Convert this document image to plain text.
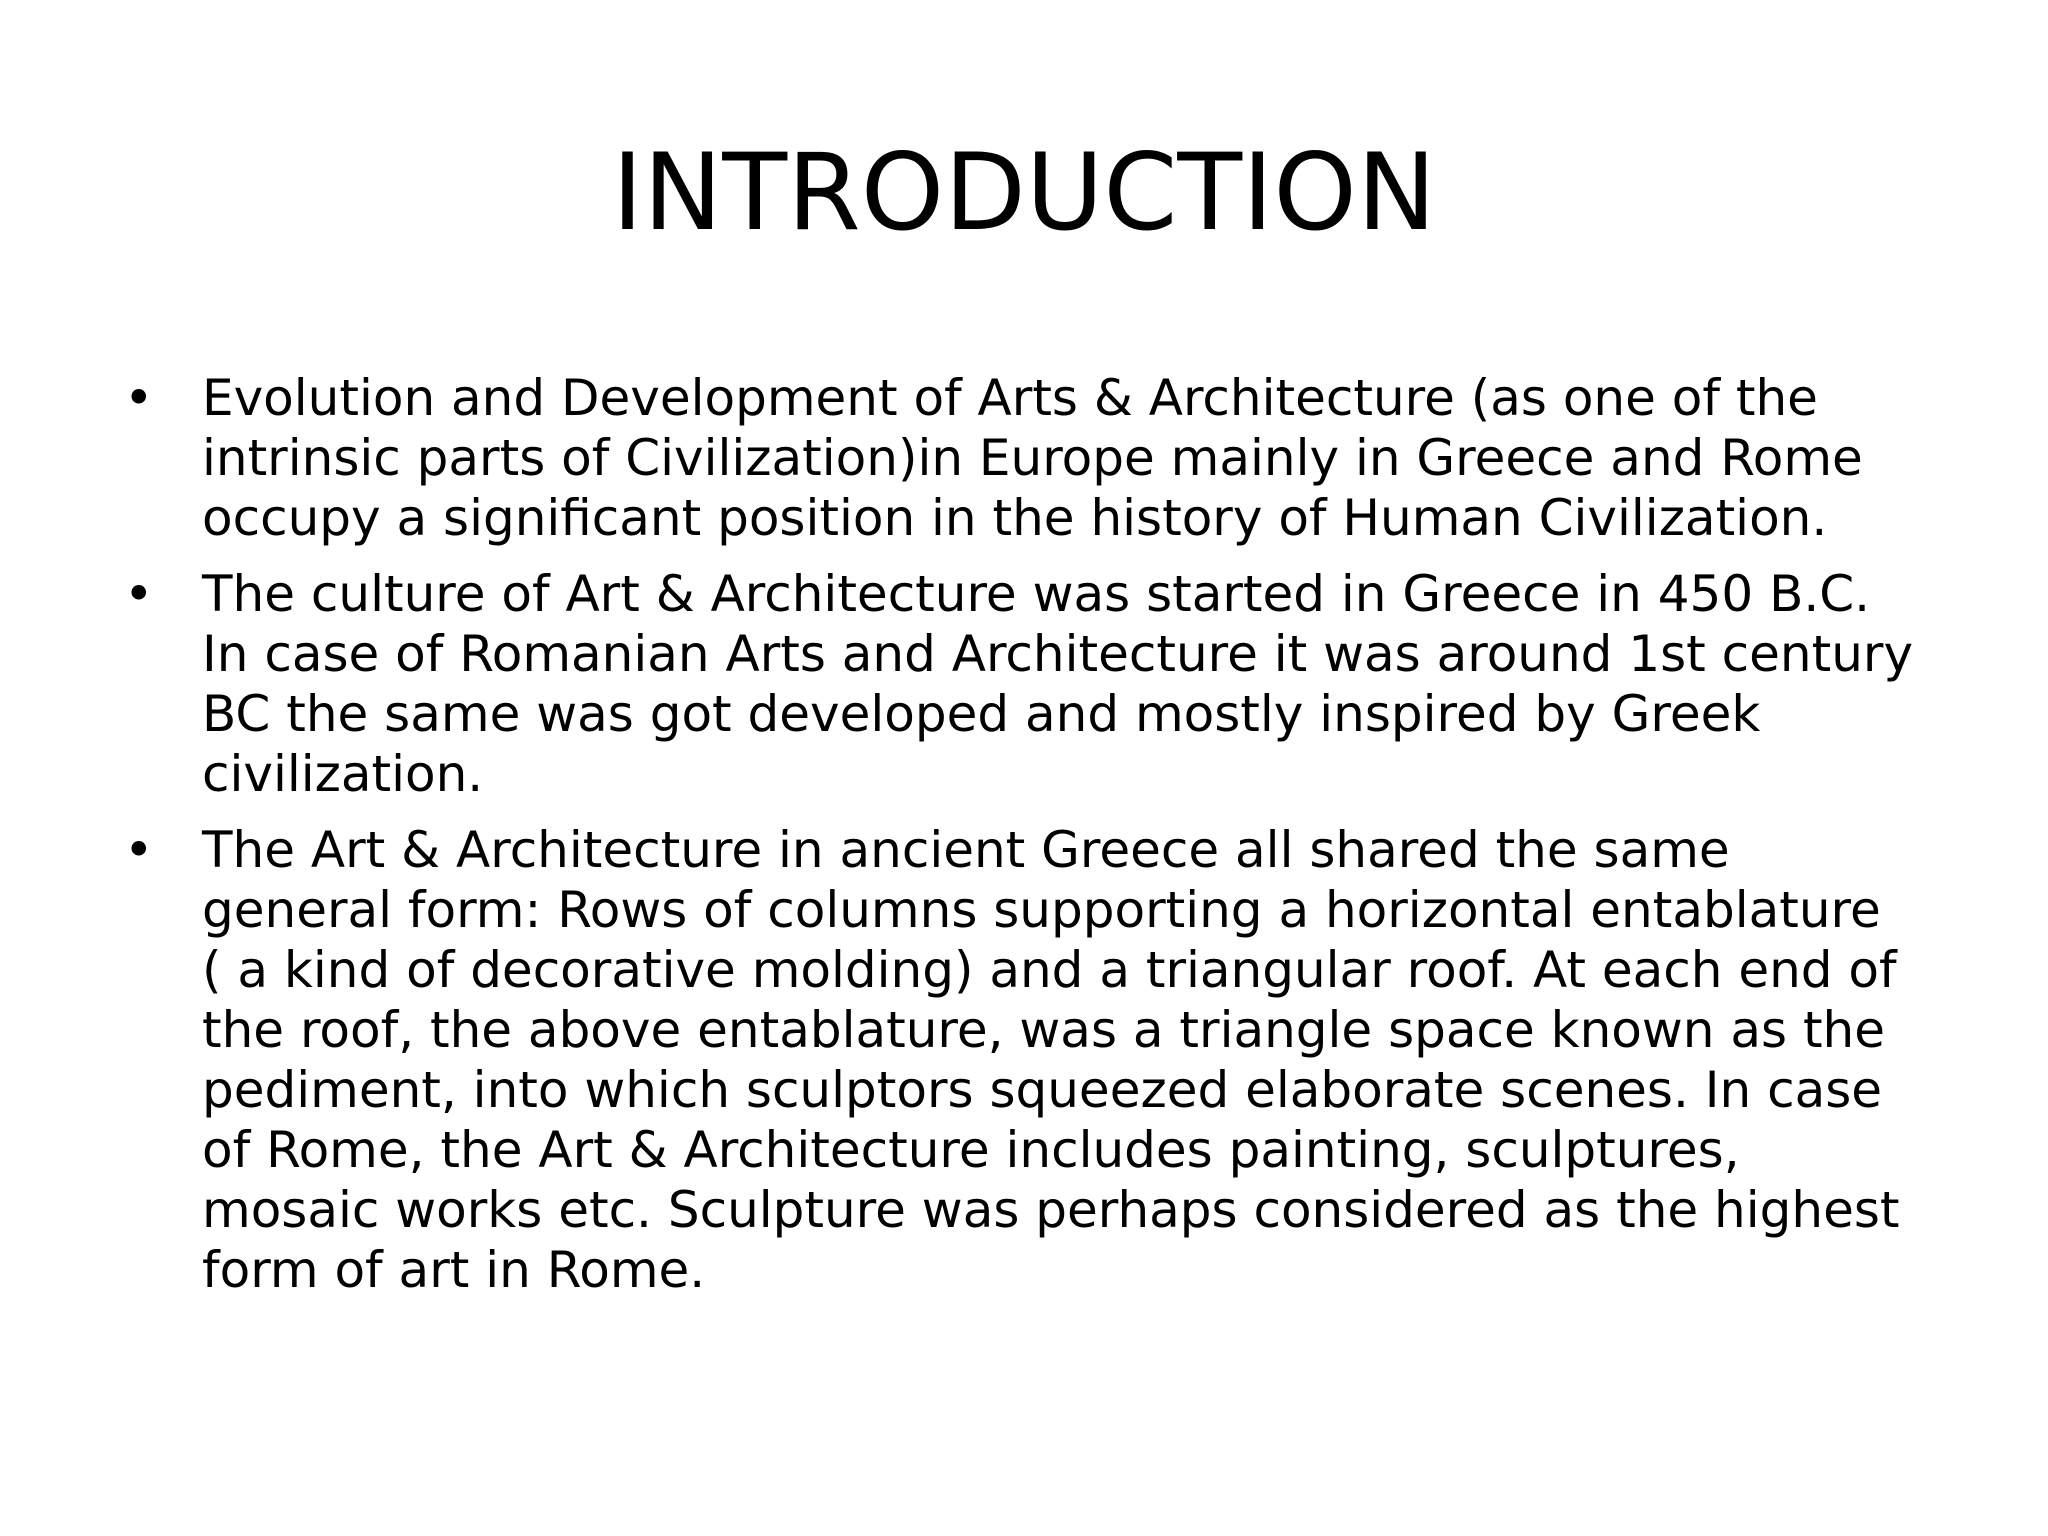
INTRODUCTION
• Evolution and Development of Arts & Architecture (as one of the
intrinsic parts of Civilization)in Europe mainly in Greece and Rome
occupy a significant position in the history of Human Civilization.
• The culture of Art & Architecture was started in Greece in 450 B.C.
In case of Romanian Arts and Architecture it was around 1st century
BC the same was got developed and mostly inspired by Greek
civilization.
• The Art & Architecture in ancient Greece all shared the same
general form: Rows of columns supporting a horizontal entablature
( a kind of decorative molding) and a triangular roof. At each end of
the roof, the above entablature, was a triangle space known as the
pediment, into which sculptors squeezed elaborate scenes. In case
of Rome, the Art & Architecture includes painting, sculptures,
mosaic works etc. Sculpture was perhaps considered as the highest
form of art in Rome.
